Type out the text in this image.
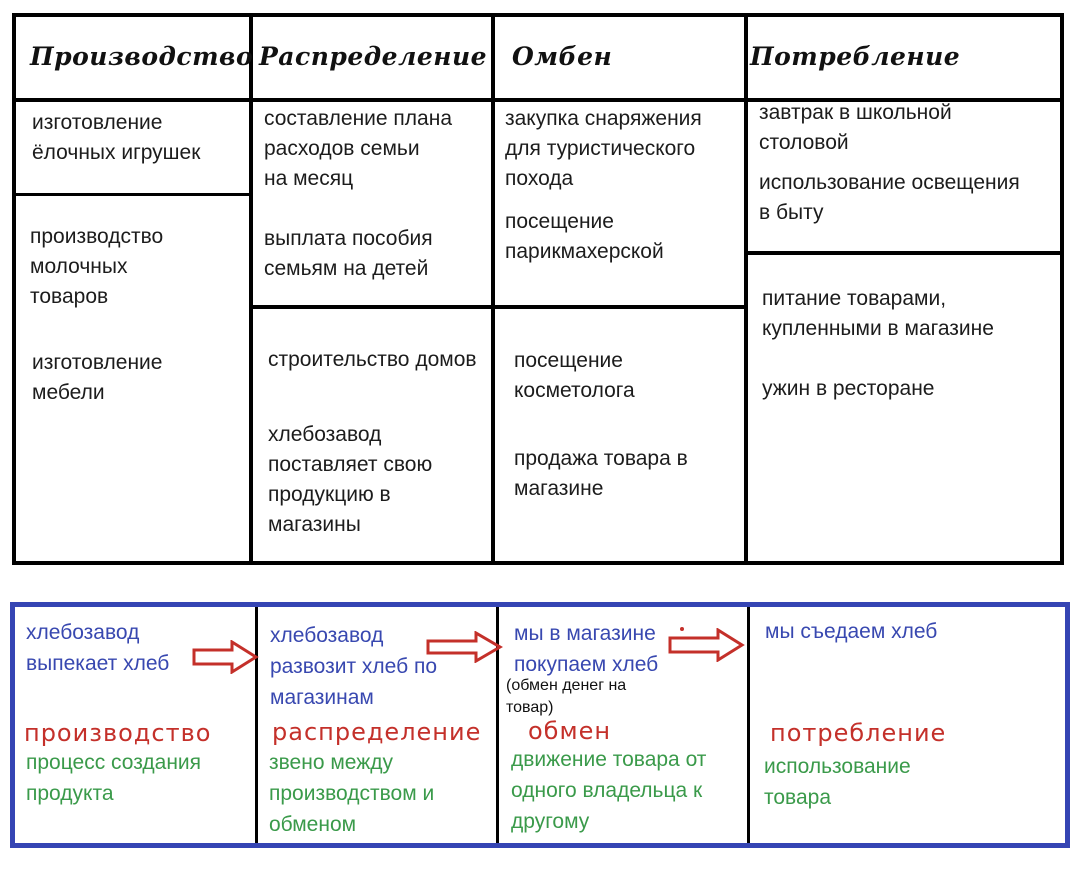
Производство Распределение Омбен	Потребление
изготовление
ёлочных игрушек
производство
молочных
товаров
изготовление
мебели
составление плана
расходов семьи
на месяц
выплата пособия
семьям на детей
строительство домов
хлебозавод
поставляет свою
продукцию в
магазины
закупка снаряжения
для туристического
похода
посещение
парикмахерской
посещение
косметолога
продажа товара в
магазине
завтрак в школьной
столовой
использование освещения
в быту
питание товарами,
купленными в магазине
ужин в ресторане
хлебозавод
выпекает хлеб
производство
процесс создания
продукта
хлебозавод
развозит хлеб по
магазинам
распределение
звено между
производством и
обменом
мы в магазине
покупаем хлеб
(обмен денег на
товар)
обмен
движение товара от
одного владельца к
другому
мы съедаем хлеб
потребление
использование
товара
